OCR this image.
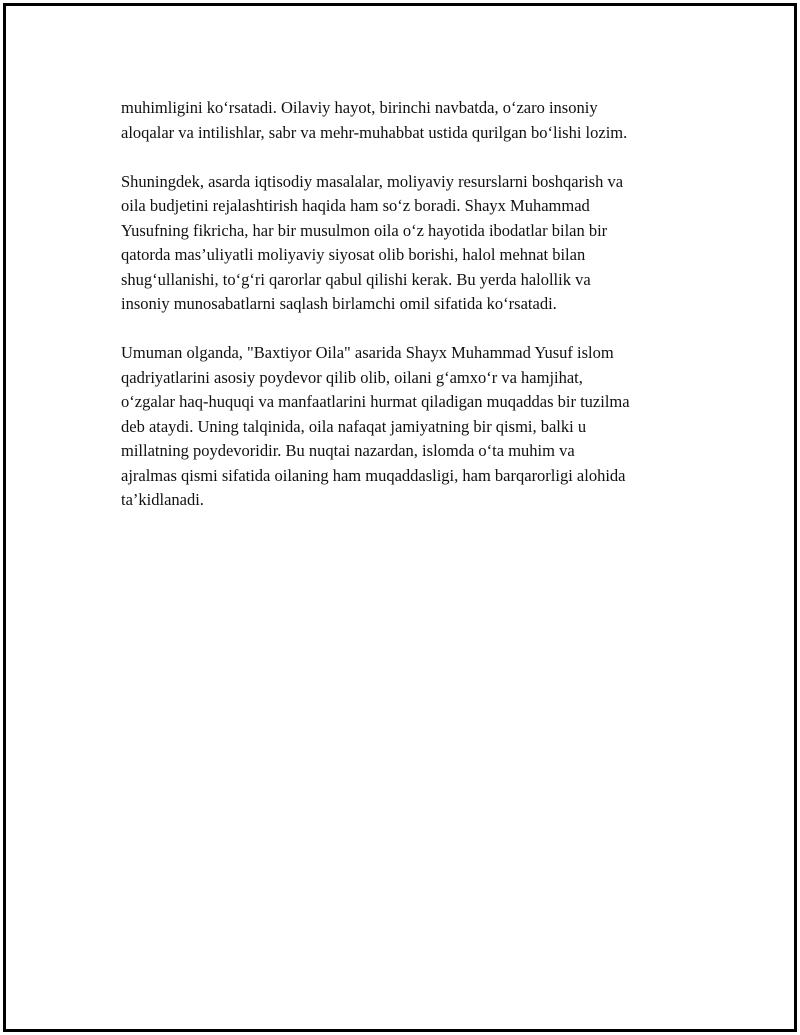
muhimligini ko‘rsatadi. Oilaviy hayot, birinchi navbatda, o‘zaro insoniy
aloqalar va intilishlar, sabr va mehr-muhabbat ustida qurilgan bo‘lishi lozim.

Shuningdek, asarda iqtisodiy masalalar, moliyaviy resurslarni boshqarish va
oila budjetini rejalashtirish haqida ham so‘z boradi. Shayx Muhammad
Yusufning fikricha, har bir musulmon oila o‘z hayotida ibodatlar bilan bir
qatorda mas’uliyatli moliyaviy siyosat olib borishi, halol mehnat bilan
shug‘ullanishi, to‘g‘ri qarorlar qabul qilishi kerak. Bu yerda halollik va
insoniy munosabatlarni saqlash birlamchi omil sifatida ko‘rsatadi.

Umuman olganda, "Baxtiyor Oila" asarida Shayx Muhammad Yusuf islom
qadriyatlarini asosiy poydevor qilib olib, oilani g‘amxo‘r va hamjihat,
o‘zgalar haq-huquqi va manfaatlarini hurmat qiladigan muqaddas bir tuzilma
deb ataydi. Uning talqinida, oila nafaqat jamiyatning bir qismi, balki u
millatning poydevoridir. Bu nuqtai nazardan, islomda o‘ta muhim va
ajralmas qismi sifatida oilaning ham muqaddasligi, ham barqarorligi alohida
ta’kidlanadi.
